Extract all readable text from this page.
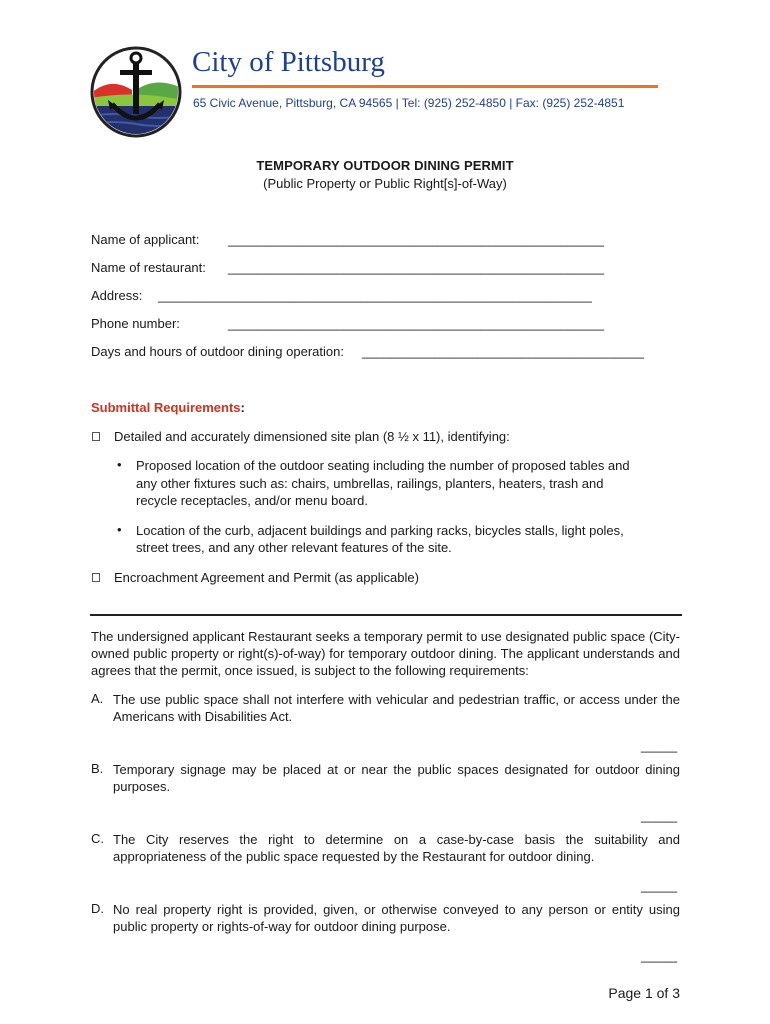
City of Pittsburg
65 Civic Avenue, Pittsburg, CA 94565 | Tel: (925) 252-4850 | Fax: (925) 252-4851
TEMPORARY OUTDOOR DINING PERMIT
(Public Property or Public Right[s]-of-Way)
Name of applicant: ____________________________________________________
Name of restaurant: ____________________________________________________
Address: ____________________________________________________________
Phone number:	____________________________________________________
Days and hours of outdoor dining operation: _______________________________________
Submittal Requirements:
Detailed and accurately dimensioned site plan (8 ½ x 11), identifying:
• Proposed location of the outdoor seating including the number of proposed tables and
any other fixtures such as: chairs, umbrellas, railings, planters, heaters, trash and
recycle receptacles, and/or menu board.
• Location of the curb, adjacent buildings and parking racks, bicycles stalls, light poles,
street trees, and any other relevant features of the site.
Encroachment Agreement and Permit (as applicable)
The undersigned applicant Restaurant seeks a temporary permit to use designated public space (City-owned public property or right(s)-of-way) for temporary outdoor dining. The applicant understands and agrees that the permit, once issued, is subject to the following requirements:
A. The use public space shall not interfere with vehicular and pedestrian traffic, or access under the Americans with Disabilities Act.
_____
B. Temporary signage may be placed at or near the public spaces designated for outdoor dining purposes.
_____
C. The City reserves the right to determine on a case-by-case basis the suitability and appropriateness of the public space requested by the Restaurant for outdoor dining.
_____
D. No real property right is provided, given, or otherwise conveyed to any person or entity using public property or rights-of-way for outdoor dining purpose.
_____
Page 1 of 3
